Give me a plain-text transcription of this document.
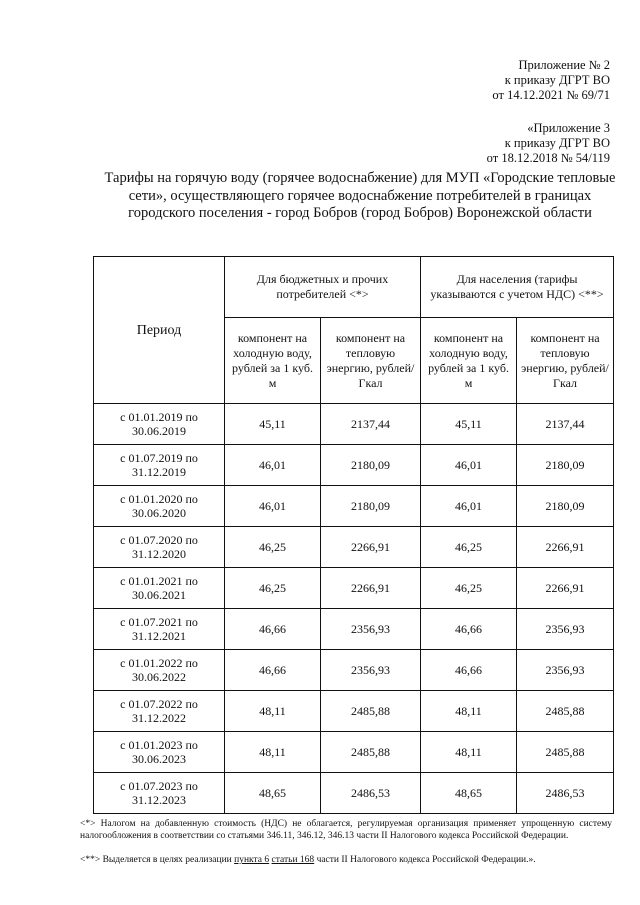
Приложение № 2
к приказу ДГРТ ВО
от 14.12.2021 № 69/71
«Приложение 3
к приказу ДГРТ ВО
от 18.12.2018 № 54/119
Тарифы на горячую воду (горячее водоснабжение) для МУП «Городские тепловые сети», осуществляющего горячее водоснабжение потребителей в границах городского поселения - город Бобров (город Бобров) Воронежской области
Период	Для бюджетных и прочих потребителей <*>		Для населения (тарифы указываются с учетом НДС) <**>	
	компонент на холодную воду, рублей за 1 куб. м	компонент на тепловую энергию, рублей/Гкал	компонент на холодную воду, рублей за 1 куб. м	компонент на тепловую энергию, рублей/Гкал
с 01.01.2019 по 30.06.2019	45,11	2137,44	45,11	2137,44
с 01.07.2019 по 31.12.2019	46,01	2180,09	46,01	2180,09
с 01.01.2020 по 30.06.2020	46,01	2180,09	46,01	2180,09
с 01.07.2020 по 31.12.2020	46,25	2266,91	46,25	2266,91
с 01.01.2021 по 30.06.2021	46,25	2266,91	46,25	2266,91
с 01.07.2021 по 31.12.2021	46,66	2356,93	46,66	2356,93
с 01.01.2022 по 30.06.2022	46,66	2356,93	46,66	2356,93
с 01.07.2022 по 31.12.2022	48,11	2485,88	48,11	2485,88
с 01.01.2023 по 30.06.2023	48,11	2485,88	48,11	2485,88
с 01.07.2023 по 31.12.2023	48,65	2486,53	48,65	2486,53
<*> Налогом на добавленную стоимость (НДС) не облагается, регулируемая организация применяет упрощенную систему налогообложения в соответствии со статьями 346.11, 346.12, 346.13 части II Налогового кодекса Российской Федерации.
<**> Выделяется в целях реализации пункта 6 статьи 168 части II Налогового кодекса Российской Федерации.».
